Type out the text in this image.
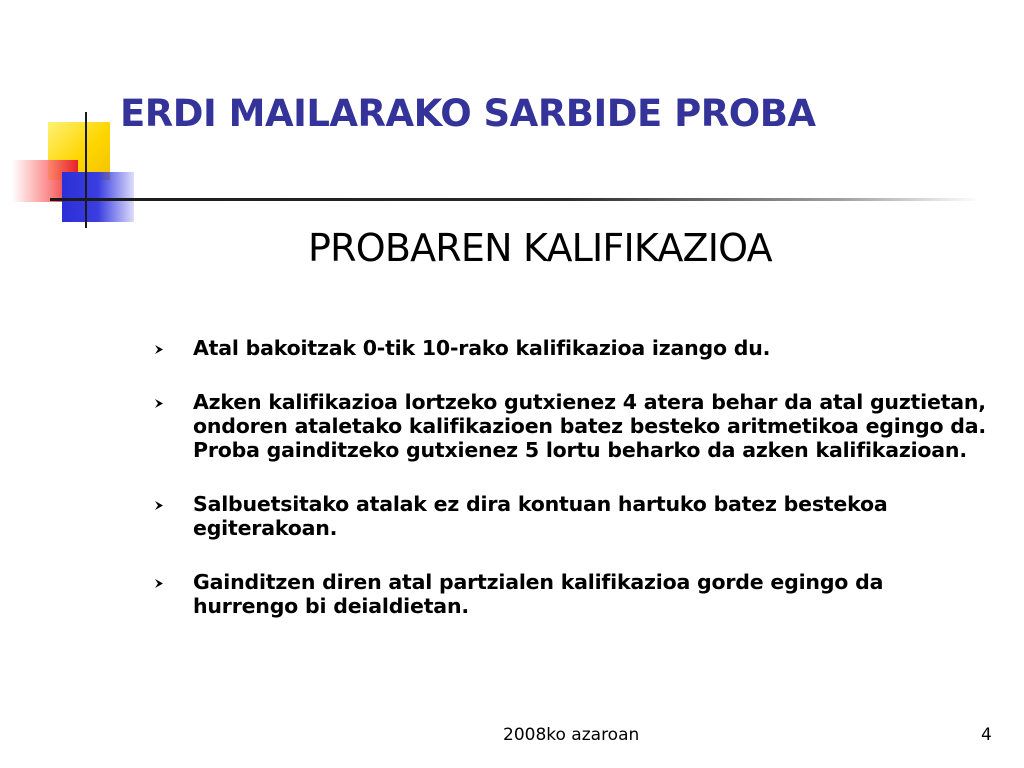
ERDI MAILARAKO SARBIDE PROBA
PROBAREN KALIFIKAZIOA
Atal bakoitzak 0-tik 10-rako kalifikazioa izango du.
Azken kalifikazioa lortzeko gutxienez 4 atera behar da atal guztietan, ondoren ataletako kalifikazioen batez besteko aritmetikoa egingo da. Proba gainditzeko gutxienez 5 lortu beharko da azken kalifikazioan.
Salbuetsitako atalak ez dira kontuan hartuko batez bestekoa egiterakoan.
Gainditzen diren atal partzialen kalifikazioa gorde egingo da hurrengo bi deialdietan.
2008ko azaroan	4
